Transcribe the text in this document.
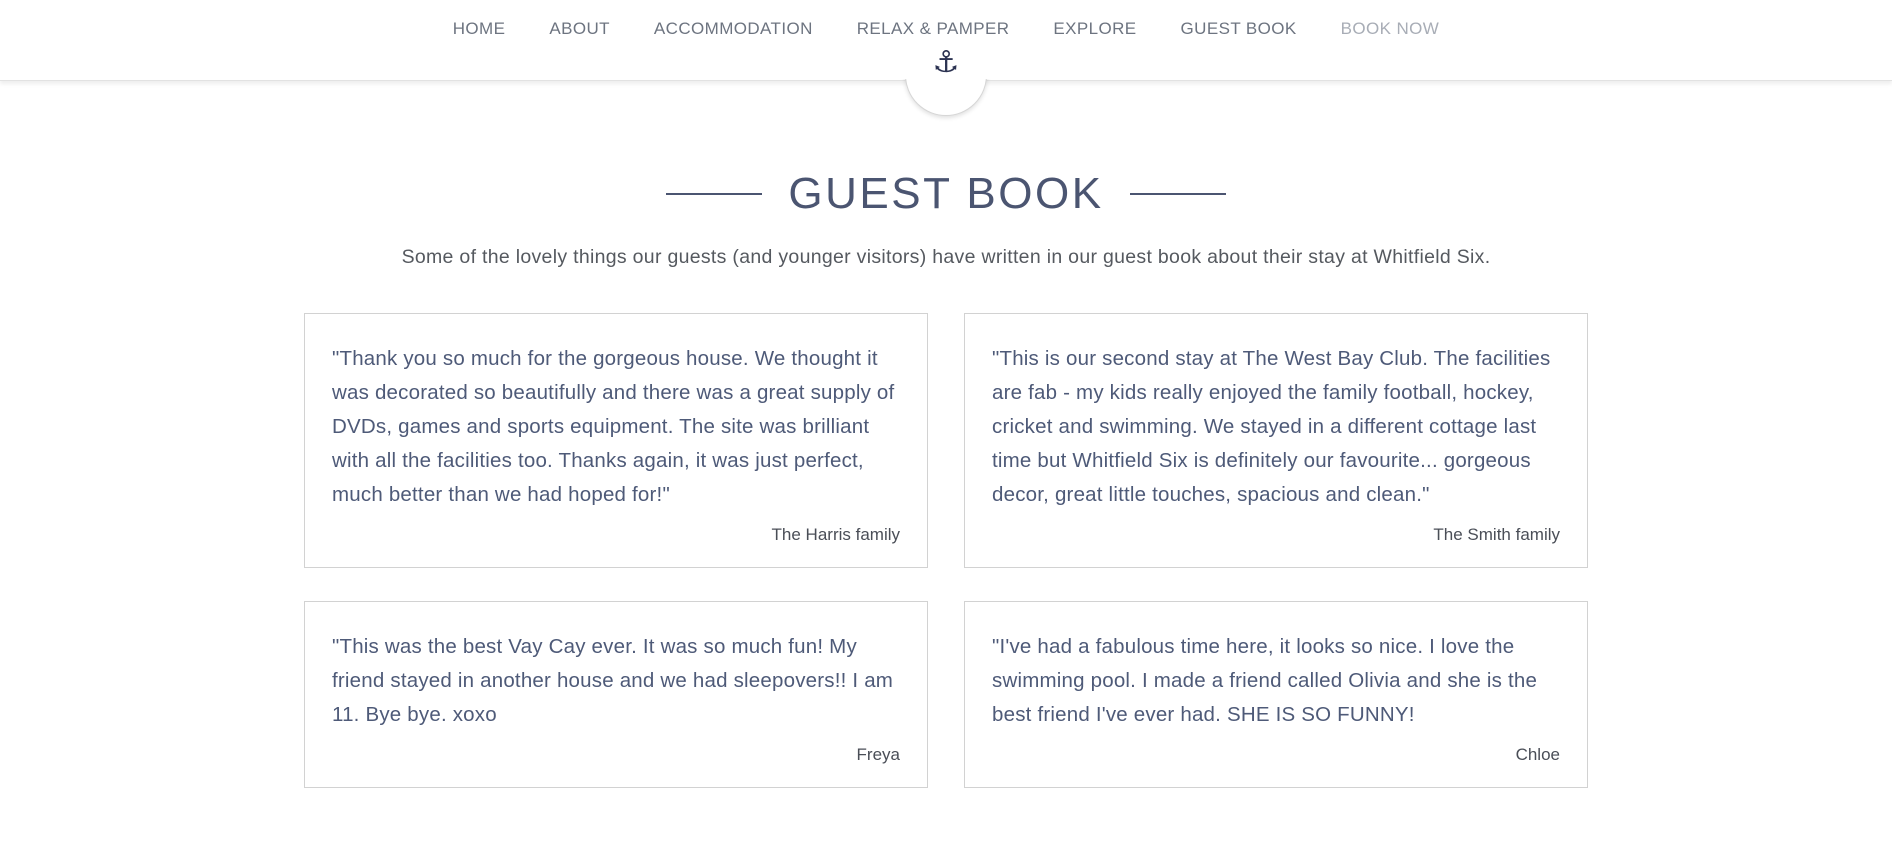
HOME	ABOUT	ACCOMMODATION	RELAX & PAMPER	EXPLORE	GUEST BOOK	BOOK NOW
⚓
GUEST BOOK

Some of the lovely things our guests (and younger visitors) have written in our guest book about their stay at Whitfield Six.

"Thank you so much for the gorgeous house. We thought it was decorated so beautifully and there was a great supply of DVDs, games and sports equipment. The site was brilliant with all the facilities too. Thanks again, it was just perfect, much better than we had hoped for!"
The Harris family
"This is our second stay at The West Bay Club. The facilities are fab - my kids really enjoyed the family football, hockey, cricket and swimming. We stayed in a different cottage last time but Whitfield Six is definitely our favourite... gorgeous decor, great little touches, spacious and clean."
The Smith family
"This was the best Vay Cay ever. It was so much fun! My friend stayed in another house and we had sleepovers!! I am 11. Bye bye. xoxo
Freya
"I've had a fabulous time here, it looks so nice. I love the swimming pool. I made a friend called Olivia and she is the best friend I've ever had. SHE IS SO FUNNY!
Chloe
